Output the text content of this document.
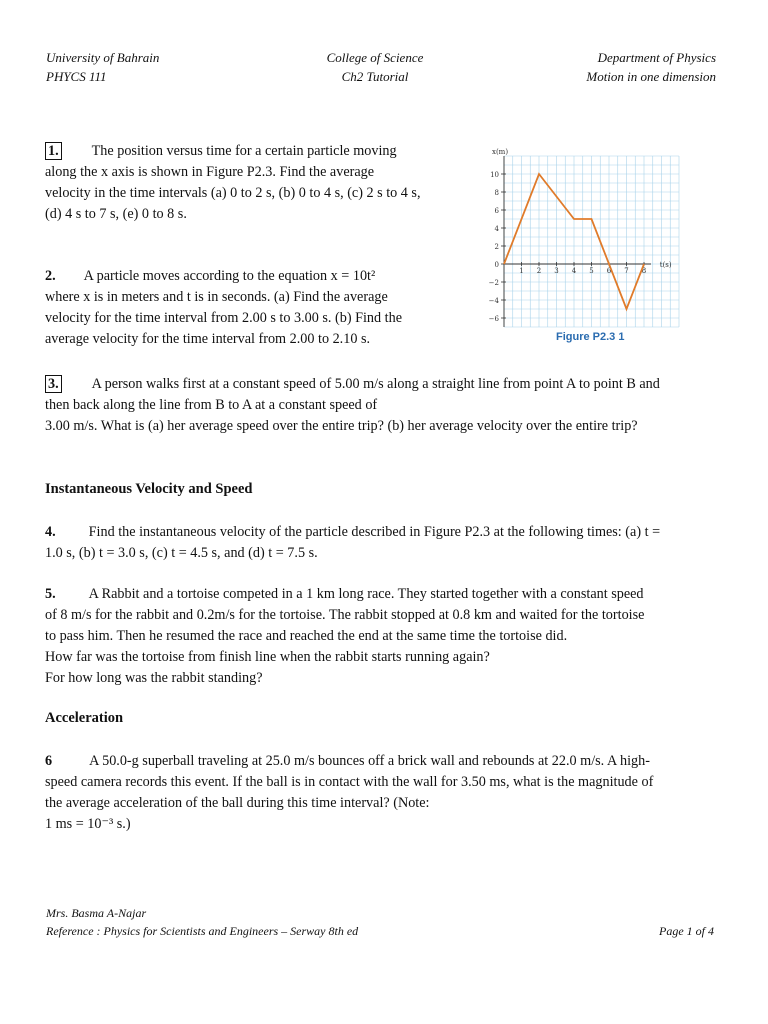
University of Bahrain
PHYCS 111
College of Science
Ch2 Tutorial
Department of Physics
Motion in one dimension
1. The position versus time for a certain particle moving
along the x axis is shown in Figure P2.3. Find the average
velocity in the time intervals (a) 0 to 2 s, (b) 0 to 4 s, (c) 2 s to 4 s,
(d) 4 s to 7 s, (e) 0 to 8 s.
2. A particle moves according to the equation x = 10t²
where x is in meters and t is in seconds. (a) Find the average
velocity for the time interval from 2.00 s to 3.00 s. (b) Find the
average velocity for the time interval from 2.00 to 2.10 s.
−6
−4
−2
0
2
4
6
8
10
1 2 3 4 5 6 7 8
x(m)
t(s)
Figure P2.3 1
3. A person walks first at a constant speed of 5.00 m/s along a straight line from point A to point B and
then back along the line from B to A at a constant speed of
3.00 m/s. What is (a) her average speed over the entire trip? (b) her average velocity over the entire trip?
Instantaneous Velocity and Speed
4. Find the instantaneous velocity of the particle described in Figure P2.3 at the following times: (a) t =
1.0 s, (b) t = 3.0 s, (c) t = 4.5 s, and (d) t = 7.5 s.
5. A Rabbit and a tortoise competed in a 1 km long race. They started together with a constant speed
of 8 m/s for the rabbit and 0.2m/s for the tortoise. The rabbit stopped at 0.8 km and waited for the tortoise
to pass him. Then he resumed the race and reached the end at the same time the tortoise did.
How far was the tortoise from finish line when the rabbit starts running again?
For how long was the rabbit standing?
Acceleration
6	A 50.0-g superball traveling at 25.0 m/s bounces off a brick wall and rebounds at 22.0 m/s. A high-
speed camera records this event. If the ball is in contact with the wall for 3.50 ms, what is the magnitude of
the average acceleration of the ball during this time interval? (Note:
1 ms = 10⁻³ s.)
Mrs. Basma A-Najar
Reference : Physics for Scientists and Engineers – Serway 8th ed	Page 1 of 4
